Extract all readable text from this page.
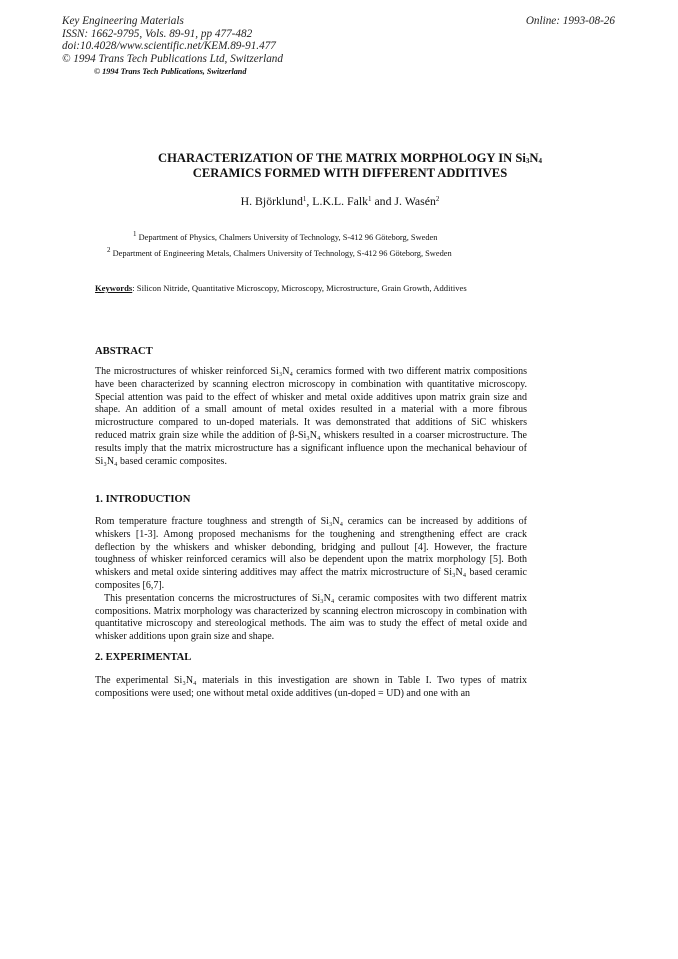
Key Engineering Materials
ISSN: 1662-9795, Vols. 89-91, pp 477-482
doi:10.4028/www.scientific.net/KEM.89-91.477
© 1994 Trans Tech Publications Ltd, Switzerland
Online: 1993-08-26
© 1994 Trans Tech Publications, Switzerland
CHARACTERIZATION OF THE MATRIX MORPHOLOGY IN $Si_3N_4$
CERAMICS FORMED WITH DIFFERENT ADDITIVES
H. Björklund$^1$, L.K.L. Falk$^1$ and J. Wasén$^2$
$^1$ Department of Physics, Chalmers University of Technology, S-412 96 Göteborg, Sweden
$^2$ Department of Engineering Metals, Chalmers University of Technology, S-412 96 Göteborg, Sweden
Keywords: Silicon Nitride, Quantitative Microscopy, Microscopy, Microstructure, Grain Growth, Additives
ABSTRACT

The microstructures of whisker reinforced Si₃N₄ ceramics formed with two different matrix compositions have been characterized by scanning electron microscopy in combination with quantitative microscopy. Special attention was paid to the effect of whisker and metal oxide additives upon matrix grain size and shape. An addition of a small amount of metal oxides resulted in a material with a more fibrous microstructure compared to un-doped materials. It was demonstrated that additions of SiC whiskers reduced matrix grain size while the addition of β-Si₃N₄ whiskers resulted in a coarser microstructure. The results imply that the matrix microstructure has a significant influence upon the mechanical behaviour of Si₃N₄ based ceramic composites.

1. INTRODUCTION

Rom temperature fracture toughness and strength of Si₃N₄ ceramics can be increased by additions of whiskers [1-3]. Among proposed mechanisms for the toughening and strengthening effect are crack deflection by the whiskers and whisker debonding, bridging and pullout [4]. However, the fracture toughness of whisker reinforced ceramics will also be dependent upon the matrix morphology [5]. Both whiskers and metal oxide sintering additives may affect the matrix microstructure of Si₃N₄ based ceramic composites [6,7].

This presentation concerns the microstructures of Si₃N₄ ceramic composites with two different matrix compositions. Matrix morphology was characterized by scanning electron microscopy in combination with quantitative microscopy and stereological methods. The aim was to study the effect of metal oxide and whisker additions upon grain size and shape.

2. EXPERIMENTAL

The experimental Si₃N₄ materials in this investigation are shown in Table I. Two types of matrix compositions were used; one without metal oxide additives (un-doped = UD) and one with an
